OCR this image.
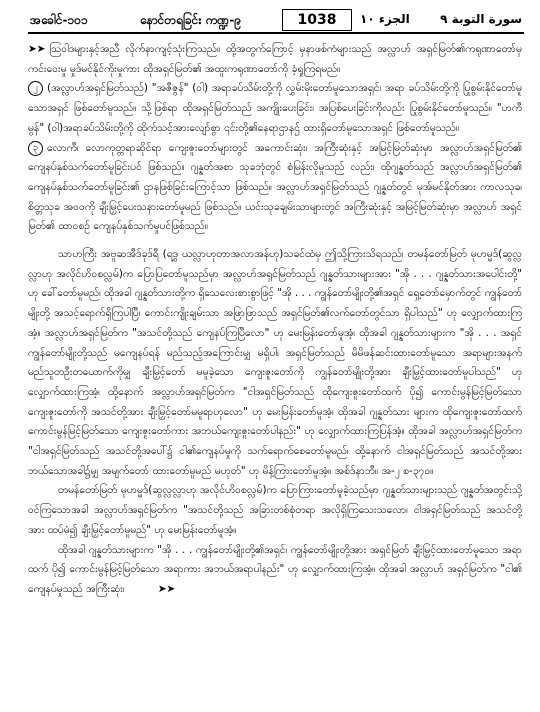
အခေါင်-၁၀၁	နောင်တရခြင်း ကဏ္ဍ-၉	1038	الجزء ١٠	سورة التوبة ٩

➤➤ သြဝါဒများနှင့်အညီ လိုက်နာကျင့်သုံးကြသည်။ ထို့အတွက်ကြောင့် မှနာဖစ်ကံများသည် အလ္လာဟ် အရှင်မြတ်၏ကရုဏာတော်မှ ကင်းဝေးမှု မှုဒ်မင်နိုင်ကိုးမှုကား ထိုအရှင်မြတ်၏ အထူးကရုဏာတော်ကို ခံ့ရှုကြရမည်။

၂ (အလ္လာဟ်အရှင်မြတ်သည်) "အဇီဇွန်" (၀ါ) အရာခပ်သိမ်းတို့ကို လွှမ်းမိုးတော်မူသောအရှင်၊ အရာ ခပ်သိမ်းတို့ကို ပြုစွမ်းနိုင်တော်မူသောအရှင် ဖြစ်တော်မူသည်။ သို့ဖြစ်ရာ ထိုအရှင်မြတ်သည် အကျိုးပေးခြင်း၊ အပြစ်ပေးခြင်းကိုလည်း ပြုစွမ်းနိုင်တော်မူသည်။ "ဟကီမွန်" (၀ါ)အရာခပ်သိမ်းတို့ကို ထိုက်သင့်အားလျော်စွာ ၎င်းတို့၏နေရာဌာနဌ် ထားရှိတော်မူသောအရှင် ဖြစ်တော်မူသည်။

၃ လောကီ၊ လောကုတ္တရာဆိုင်ရာ ကျေးဇူးတော်များတွင် အကောင်းဆုံး၊ အကြီးဆုံးနှင့် အမြင့်မြတ်ဆုံးမှာ အလ္လာဟ်အရှင်မြတ်၏ ကျေနပ်နှစ်သက်တော်မူခြင်းပင် ဖြစ်သည်။ ဂျန္နတ်အစာ သုခဘုံတွင် စံမြန်းလိုမှုသည် လည်း၊ ထိုဂျန္နတ်သည် အလ္လာဟ်အရှင်မြတ်၏ ကျေနပ်နှစ်သက်တော်မူခြင်း၏ ဌာနဖြစ်ခြင်းကြောင့်သာ ဖြစ်သည်။ အလ္လာဟ်အရှင်မြတ်သည် ဂျန္နတ်တွင် မုအ်မင်နိုတ်အား ကာလသုခ၊ စိတ္တသုခ အဝဝကို ချီးမြှင့်ပေးသနားတော်မူမည် ဖြစ်သည်။ ယင်းသုခချမ်းသာများတွင် အကြီးဆုံးနှင့် အမြင့်မြတ်ဆုံးမှာ အလ္လာဟ် အရှင်မြတ်၏ ထာဝစဉ် ကျေနပ်နှစ်သက်မှုပင်ဖြစ်သည်။

သာဟကြီး အဗူဆအီဒ်ခုဒ်ရီ (ရဒွှ ယလ္လာဟုတာအလာအန်ဟု)သခင်ထံမှ ဤသို့ကြားသိရသည်၊ တမန်တော်မြတ် မုဟမ္မဒ်(ဆွလ္လလ္လာဟု အလိုင်ဟိဝစလ္လမ်)က ပြောပြတော်မူသည်မှာ အလ္လာဟ်အရှင်မြတ်သည် ဂျန္နတ်သားများအား "အို . . . ဂျန္နတ်သားအပေါင်းတို့" ဟု ခေါ်တော်မူမည်၊ ထိုအခါ ဂျန္နတ်သားတို့က ရှိသေလေးစားစွာဖြင့် "အို . . . ကျွန်တော်မျိုးတို့၏အရှင် ရှေ့တော်မှောက်တွင် ကျွန်တော်မျိုးတို့ အသင့်ရောက်ရှိကြပါပြီ၊ ကောင်းကျိုးချမ်းသာ အဖြာဖြာသည် အရှင်မြတ်၏လက်တော်တွင်သာ ရှိပါသည်" ဟု လျှောက်ထားကြအံ့။ အလ္လာဟ်အရှင်မြတ်က "အသင်တို့သည် ကျေနပ်ကြပြီလော" ဟု မေးမြန်းတော်မူအံ့၊ ထိုအခါ ဂျန္နတ်သားများက "အို . . . အရှင် ကျွန်တော်မျိုးတို့သည် မကျေနပ်ရန် မည်သည့်အကြောင်းမျှ မရှိပါ၊ အရှင်မြတ်သည် မိမိဖန်ဆင်းထားတော်မူသော အရာများအနက် မည်သူတဦးတယောက်ကိုမျှ ချီးမြှင့်တော် မမူခဲ့သော ကျေးဇူးတော်ကို ကျွန်တော်မျိုးတို့အား ချီးမြှင့်ထားတော်မူပါသည်" ဟု လျှောက်ထားကြအံ့၊ ထို့နောက် အလ္လာဟ်အရှင်မြတ်က "ငါအရှင်မြတ်သည် ထိုကျေးဇူးတော်ထက် ပို၍ ကောင်းမွန်မြင့်မြတ်သော ကျေးဇူးတော်ကို အသင်တို့အား ချီးမြှင့်တော်မမူရာဟုလော" ဟု မေးမြန်းတော်မူအံ့၊ ထိုအခါ ဂျန္နတ်သား များက ထိုကျေးဇူးတော်ထက် ကောင်းမွန်မြင့်မြတ်သော ကျေးဇူးတော်ကား အဘယ်ကျေးဇူးတော်ပါနည်း" ဟု လျှောက်ထားကြပြန်အံ့။ ထိုအခါ အလ္လာဟ်အရှင်မြတ်က "ငါအရှင်မြတ်သည် အသင်တို့အပေါ်၌ ငါ၏ကျေနပ်မှုကို သက်ရောက်စေတော်မူမည်၊ ထို့နောက် ငါအရှင်မြတ်သည် အသင်တို့အား ဘယ်သောအခါ၌မျှ အမျက်တော် ထားတော်မူမည် မဟုတ်" ဟု မိန့်ကြားတော်မူအံ့။ အစ်ဒ်နာဘီ။ အ-၂ စ-၃၇၀။

တမန်တော်မြတ် မုဟမ္မဒ်(ဆွလ္လလ္လာဟု အလိုင်ဟိဝစလ္လမ်)က ပြောကြားတော်မူခဲ့သည်မှာ ဂျန္နတ်သားများသည် ဂျန္နတ်အတွင်းသို့ ဝင်ကြသောအခါ အလ္လာဟ်အရှင်မြတ်က "အသင်တို့သည် အခြားတစ်စုံတရာ အလိုရှိကြသေးသလော၊ ငါအရှင်မြတ်သည် အသင်တို့အား ထပ်မံ၍ ချီးမြှင့်တော်မူမည်" ဟု မေးမြန်းတော်မူအံ့။

ထိုအခါ ဂျန္နတ်သားများက "အို . . . ကျွန်တော်မျိုးတို့၏အရှင်၊ ကျွန်တော်မျိုးတို့အား အရှင်မြတ် ချီးမြှင့်ထားတော်မူသော အရာထက် ပို၍ ကောင်းမွန်မြင့်မြတ်သော အရာကား အဘယ်အရာပါနည်း" ဟု လျှောက်ထားကြအံ့။ ထိုအခါ အလ္လာဟ် အရှင်မြတ်က "ငါ၏ ကျေနပ်မှုသည် အကြီးဆုံး၊	➤➤
